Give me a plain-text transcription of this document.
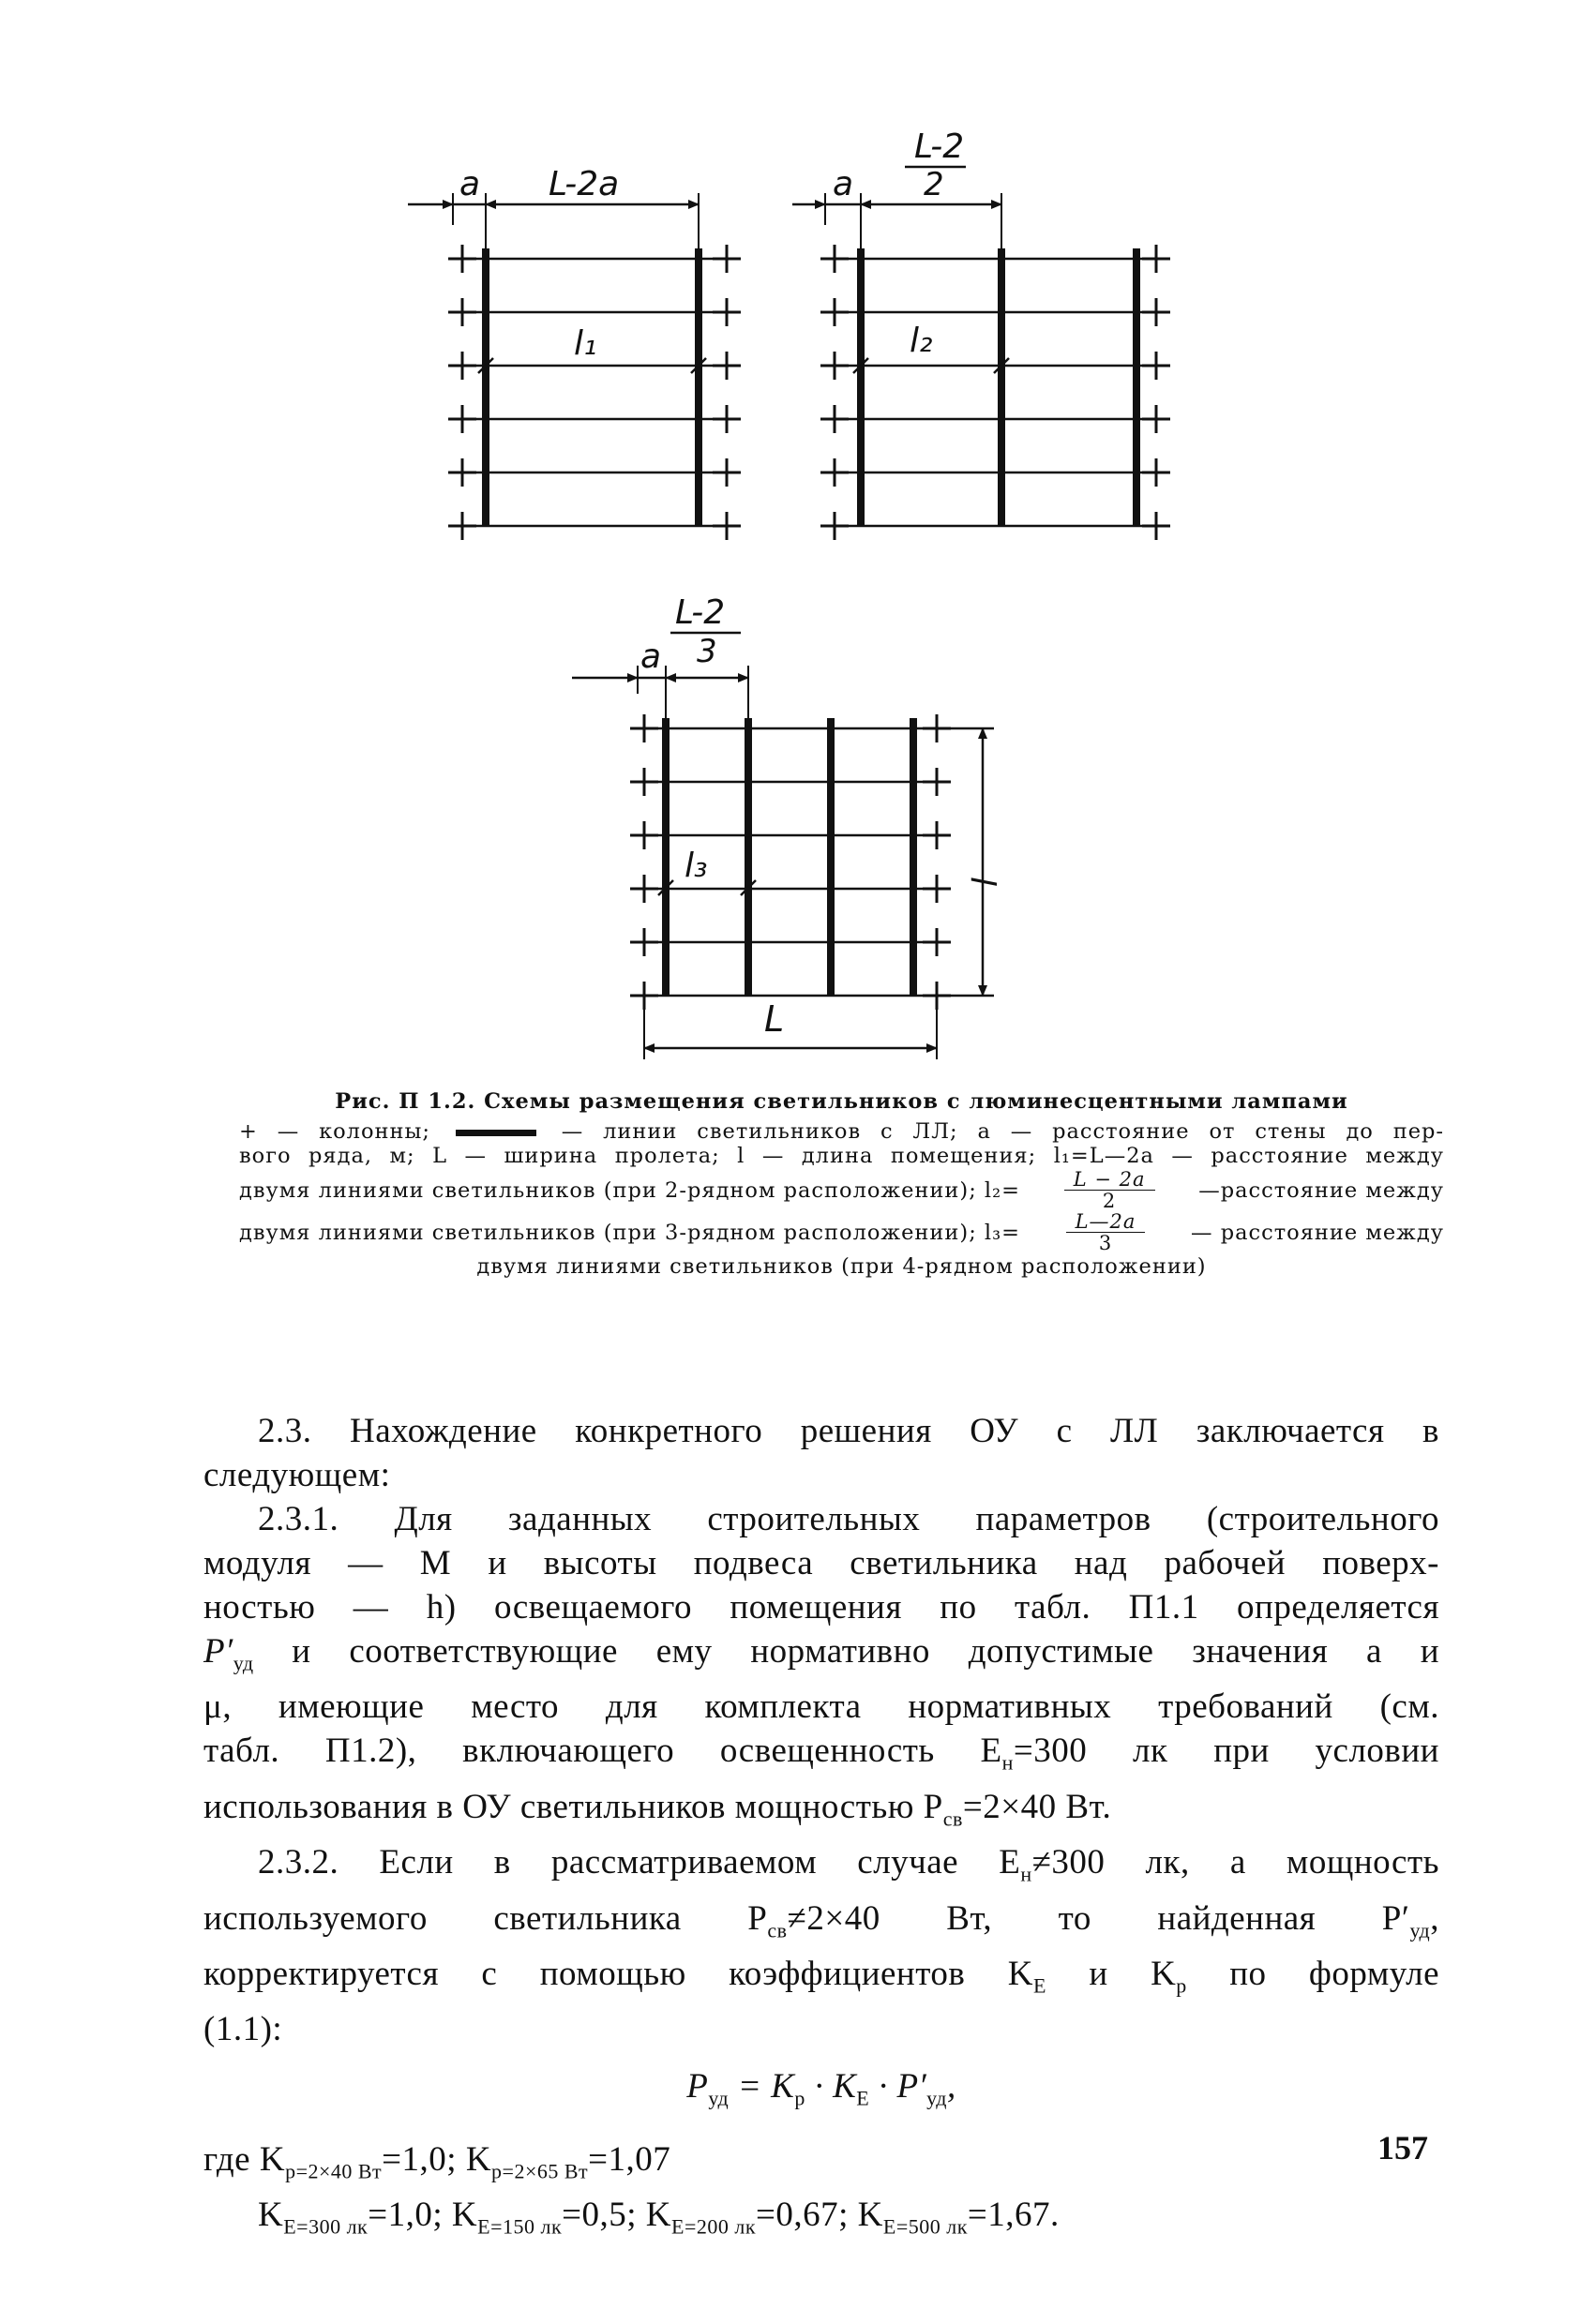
a L-2a
l₁
a
L-2
2
l₂
a
L-2
3
l₃	l
L
Рис. П 1.2. Схемы размещения светильников с люминесцентными лампами
+ — колонны;	— линии светильников с ЛЛ; a — расстояние от стены до пер-
вого ряда, м; L — ширина пролета; l — длина помещения; l₁=L—2a — расстояние между
двумя линиями светильников (при 2-рядном расположении); $l_2= \frac{L - 2a}{2}$ —расстояние между
двумя линиями светильников (при 3-рядном расположении); $l_3= \frac{L—2a}{3}$ — расстояние между
двумя линиями светильников (при 4-рядном расположении)
2.3. Нахождение конкретного решения ОУ с ЛЛ заключается в
следующем:
2.3.1. Для заданных строительных параметров (строительного
модуля — M и высоты подвеса светильника над рабочей поверх-
ностью — h) освещаемого помещения по табл. П1.1 определяется
$P'_{уд}$ и соответствующие ему нормативно допустимые значения a и
μ, имеющие место для комплекта нормативных требований (см.
табл. П1.2), включающего освещенность $E_н=300$ лк при условии
использования в ОУ светильников мощностью $P_{св}=2\times 40$ Вт.
2.3.2. Если в рассматриваемом случае $E_н\ne 300$ лк, а мощность
используемого светильника $P_{св}\ne 2\times 40$ Вт, то найденная $P'_{уд}$,
корректируется с помощью коэффициентов $K_E$ и $K_р$ по формуле
(1.1):
$P_{уд} = K_р \cdot K_E \cdot P'_{уд}$,
где $K_{р=2\times 40 Вт}=1,0$; $K_{р=2\times 65 Вт}=1,07$
$K_{E=300 лк}=1,0$; $K_{E=150 лк}=0,5$; $K_{E=200 лк}=0,67$; $K_{E=500 лк}=1,67$.
157
